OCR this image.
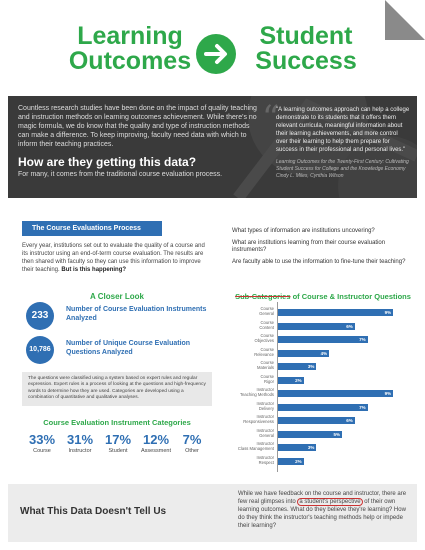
Learning
Outcomes
Student
Success

Countless research studies have been done on the impact of quality teaching and instruction methods on learning outcomes achievement. While there's no magic formula, we do know that the quality and type of instruction methods can make a difference. To keep improving, faculty need data with which to inform their teaching practices.

How are they getting this data?

For many, it comes from the traditional course evaluation process.

“

"A learning outcomes approach can help a college demonstrate to its students that it offers them relevant curricula, meaningful information about their learning achievements, and more control over their learning to help them prepare for success in their professional and personal lives."

Learning Outcomes for the Twenty-First Century: Cultivating Student Success for College and the Knowledge Economy Cindy L. Miles, Cynthia Wilson

The Course Evaluations Process

Every year, institutions set out to evaluate the quality of a course and its instructor using an end-of-term course evaluation. The results are then shared with faculty so they can use this information to improve their teaching. But is this happening?

What types of information are institutions uncovering?

What are institutions learning from their course evaluation instruments?

Are faculty able to use the information to fine-tune their teaching?

A Closer Look
233
Number of Course Evaluation Instruments Analyzed
10,786
Number of Unique Course Evaluation Questions Analyzed
The questions were classified using a system based on expert rules and regular expression. Expert rules is a process of looking at the questions and high-frequency words to determine how they are used. Categories are developed using a combination of quantitative and qualitative analyses.
Course Evaluation Instrument Categories
33%
Course
31%
Instructor
17%
Student
12%
Assessment
7%
Other
Sub-Categories of Course & Instructor Questions
Course
General	9%
Course
Content	6%
Course
Objectives	7%
Course
Relevance	4%
Course
Materials	3%
Course
Rigor	2%
Instructor
Teaching Methods	9%
Instructor
Delivery	7%
Instructor
Responsiveness	6%
Instructor
General	5%
Instructor
Class Management	3%
Instructor
Respect	2%
What This Data Doesn't Tell Us

While we have feedback on the course and instructor, there are few real glimpses into a student's perspective of their own learning outcomes. What do they believe they're learning? How do they think the instructor's teaching methods help or impede their learning?
